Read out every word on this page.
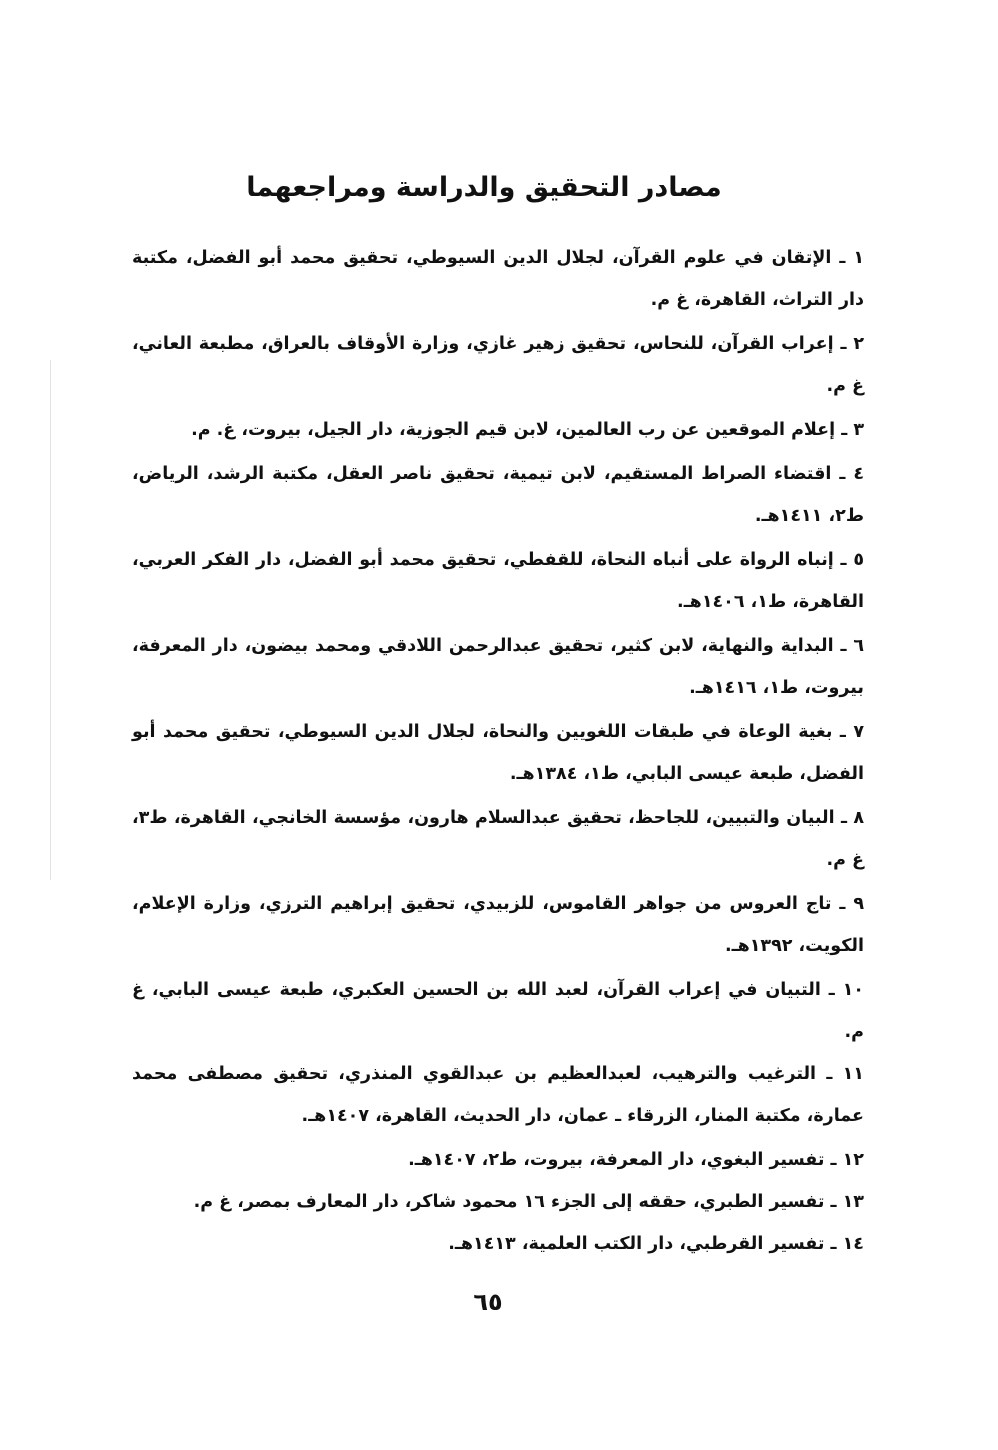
مصادر التحقيق والدراسة ومراجعهما

١ ـ الإتقان في علوم القرآن، لجلال الدين السيوطي، تحقيق محمد أبو الفضل، مكتبة دار التراث، القاهرة، غ م.

٢ ـ إعراب القرآن، للنحاس، تحقيق زهير غازي، وزارة الأوقاف بالعراق، مطبعة العاني، غ م.

٣ ـ إعلام الموقعين عن رب العالمين، لابن قيم الجوزية، دار الجيل، بيروت، غ. م.

٤ ـ اقتضاء الصراط المستقيم، لابن تيمية، تحقيق ناصر العقل، مكتبة الرشد، الرياض، ط٢، ١٤١١هـ.

٥ ـ إنباه الرواة على أنباه النحاة، للقفطي، تحقيق محمد أبو الفضل، دار الفكر العربي، القاهرة، ط١، ١٤٠٦هـ.

٦ ـ البداية والنهاية، لابن كثير، تحقيق عبدالرحمن اللادقي ومحمد بيضون، دار المعرفة، بيروت، ط١، ١٤١٦هـ.

٧ ـ بغية الوعاة في طبقات اللغويين والنحاة، لجلال الدين السيوطي، تحقيق محمد أبو الفضل، طبعة عيسى البابي، ط١، ١٣٨٤هـ.

٨ ـ البيان والتبيين، للجاحظ، تحقيق عبدالسلام هارون، مؤسسة الخانجي، القاهرة، ط٣، غ م.

٩ ـ تاج العروس من جواهر القاموس، للزبيدي، تحقيق إبراهيم الترزي، وزارة الإعلام، الكويت، ١٣٩٢هـ.

١٠ ـ التبيان في إعراب القرآن، لعبد الله بن الحسين العكبري، طبعة عيسى البابي، غ م.

١١ ـ الترغيب والترهيب، لعبدالعظيم بن عبدالقوي المنذري، تحقيق مصطفى محمد عمارة، مكتبة المنار، الزرقاء ـ عمان، دار الحديث، القاهرة، ١٤٠٧هـ.

١٢ ـ تفسير البغوي، دار المعرفة، بيروت، ط٢، ١٤٠٧هـ.

١٣ ـ تفسير الطبري، حققه إلى الجزء ١٦ محمود شاكر، دار المعارف بمصر، غ م.

١٤ ـ تفسير القرطبي، دار الكتب العلمية، ١٤١٣هـ.

٦٥
